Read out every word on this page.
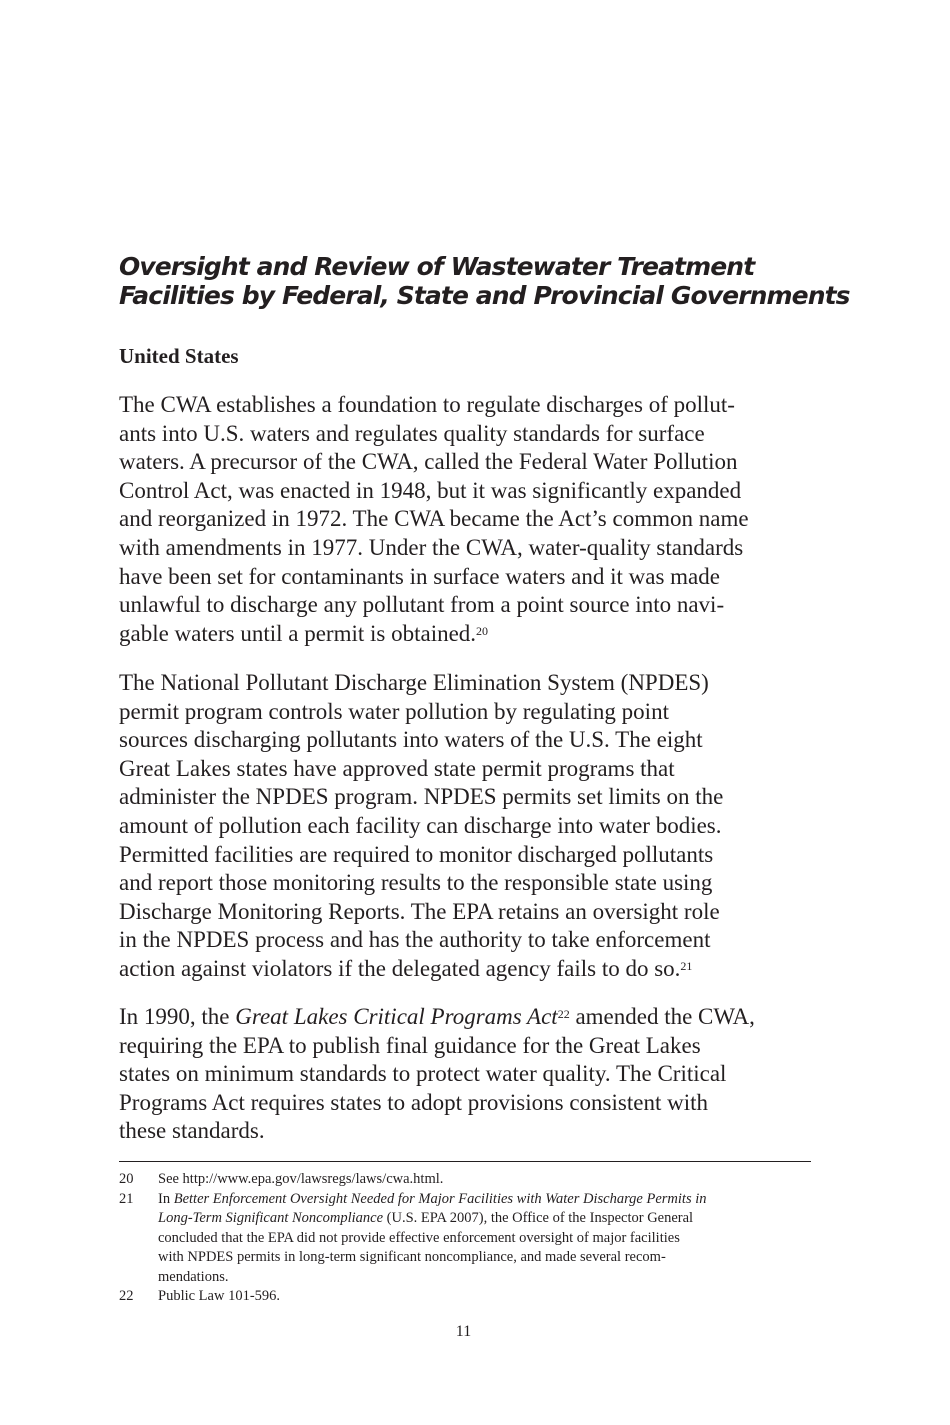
Oversight and Review of Wastewater Treatment
Facilities by Federal, State and Provincial Governments
United States
The CWA establishes a foundation to regulate discharges of pollut-
ants into U.S. waters and regulates quality standards for surface
waters. A precursor of the CWA, called the Federal Water Pollution
Control Act, was enacted in 1948, but it was significantly expanded
and reorganized in 1972. The CWA became the Act’s common name
with amendments in 1977. Under the CWA, water-quality standards
have been set for contaminants in surface waters and it was made
unlawful to discharge any pollutant from a point source into navi-
gable waters until a permit is obtained.$^{20}$
The National Pollutant Discharge Elimination System (NPDES)
permit program controls water pollution by regulating point
sources discharging pollutants into waters of the U.S. The eight
Great Lakes states have approved state permit programs that
administer the NPDES program. NPDES permits set limits on the
amount of pollution each facility can discharge into water bodies.
Permitted facilities are required to monitor discharged pollutants
and report those monitoring results to the responsible state using
Discharge Monitoring Reports. The EPA retains an oversight role
in the NPDES process and has the authority to take enforcement
action against violators if the delegated agency fails to do so.$^{21}$
In 1990, the Great Lakes Critical Programs Act$^{22}$ amended the CWA,
requiring the EPA to publish final guidance for the Great Lakes
states on minimum standards to protect water quality. The Critical
Programs Act requires states to adopt provisions consistent with
these standards.
20	See http://www.epa.gov/lawsregs/laws/cwa.html.
21	In Better Enforcement Oversight Needed for Major Facilities with Water Discharge Permits in
Long-Term Significant Noncompliance (U.S. EPA 2007), the Office of the Inspector General
concluded that the EPA did not provide effective enforcement oversight of major facilities
with NPDES permits in long-term significant noncompliance, and made several recom-
mendations.
22	Public Law 101-596.
11
